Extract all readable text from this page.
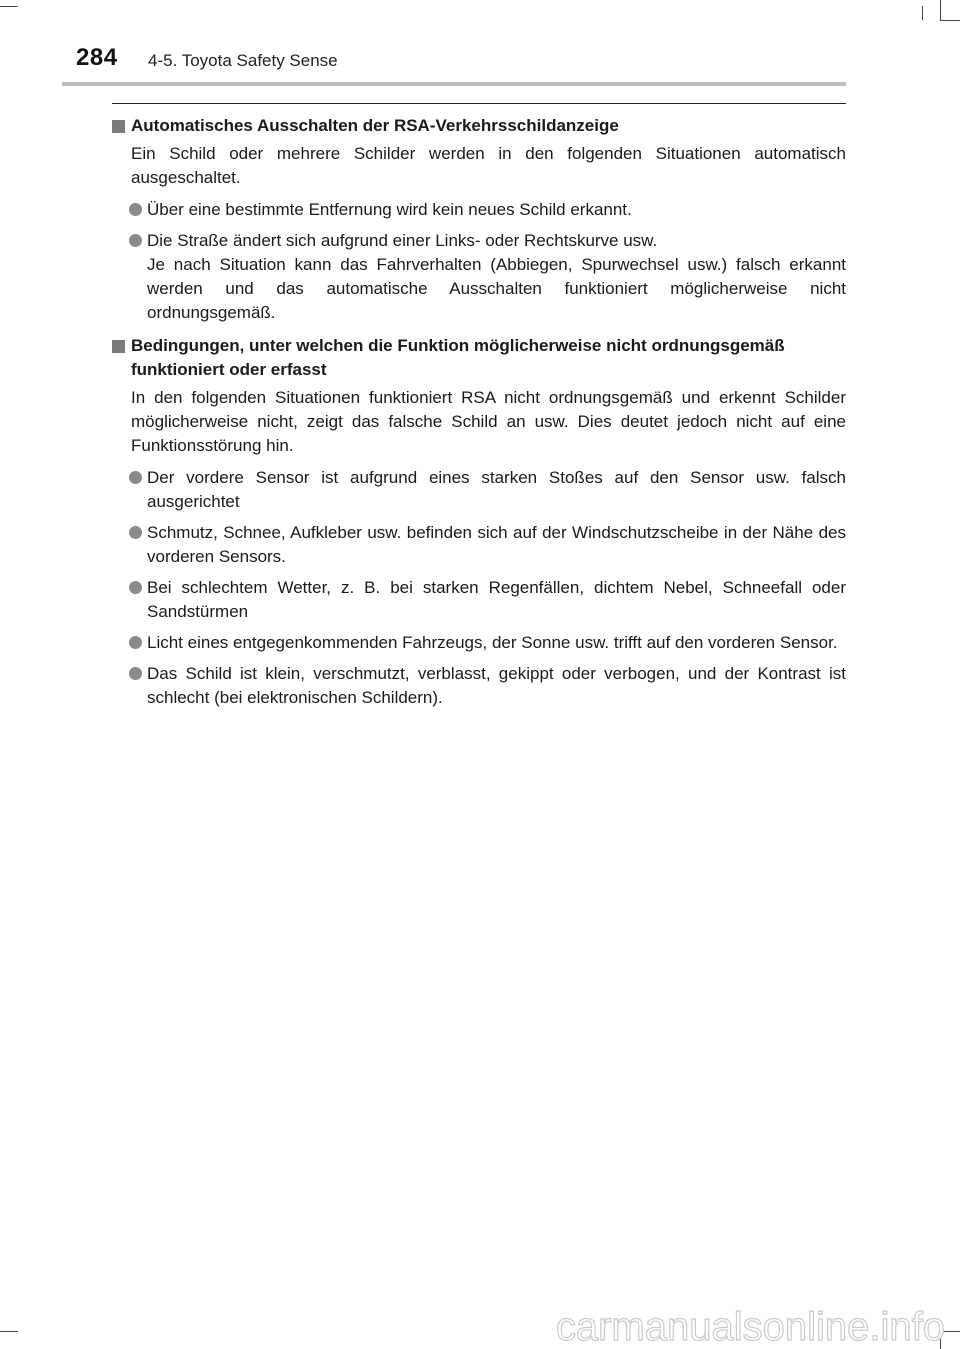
284 4-5. Toyota Safety Sense
Automatisches Ausschalten der RSA-Verkehrsschildanzeige
Ein Schild oder mehrere Schilder werden in den folgenden Situationen automatisch ausgeschaltet.
Über eine bestimmte Entfernung wird kein neues Schild erkannt.
Die Straße ändert sich aufgrund einer Links- oder Rechtskurve usw.
Je nach Situation kann das Fahrverhalten (Abbiegen, Spurwechsel usw.) falsch erkannt werden und das automatische Ausschalten funktioniert möglicherweise nicht ordnungsgemäß.
Bedingungen, unter welchen die Funktion möglicherweise nicht ordnungsgemäß funktioniert oder erfasst
In den folgenden Situationen funktioniert RSA nicht ordnungsgemäß und erkennt Schilder möglicherweise nicht, zeigt das falsche Schild an usw. Dies deutet jedoch nicht auf eine Funktionsstörung hin.
Der vordere Sensor ist aufgrund eines starken Stoßes auf den Sensor usw. falsch ausgerichtet
Schmutz, Schnee, Aufkleber usw. befinden sich auf der Windschutzscheibe in der Nähe des vorderen Sensors.
Bei schlechtem Wetter, z. B. bei starken Regenfällen, dichtem Nebel, Schneefall oder Sandstürmen
Licht eines entgegenkommenden Fahrzeugs, der Sonne usw. trifft auf den vorderen Sensor.
Das Schild ist klein, verschmutzt, verblasst, gekippt oder verbogen, und der Kontrast ist schlecht (bei elektronischen Schildern).
carmanualsonline.info
